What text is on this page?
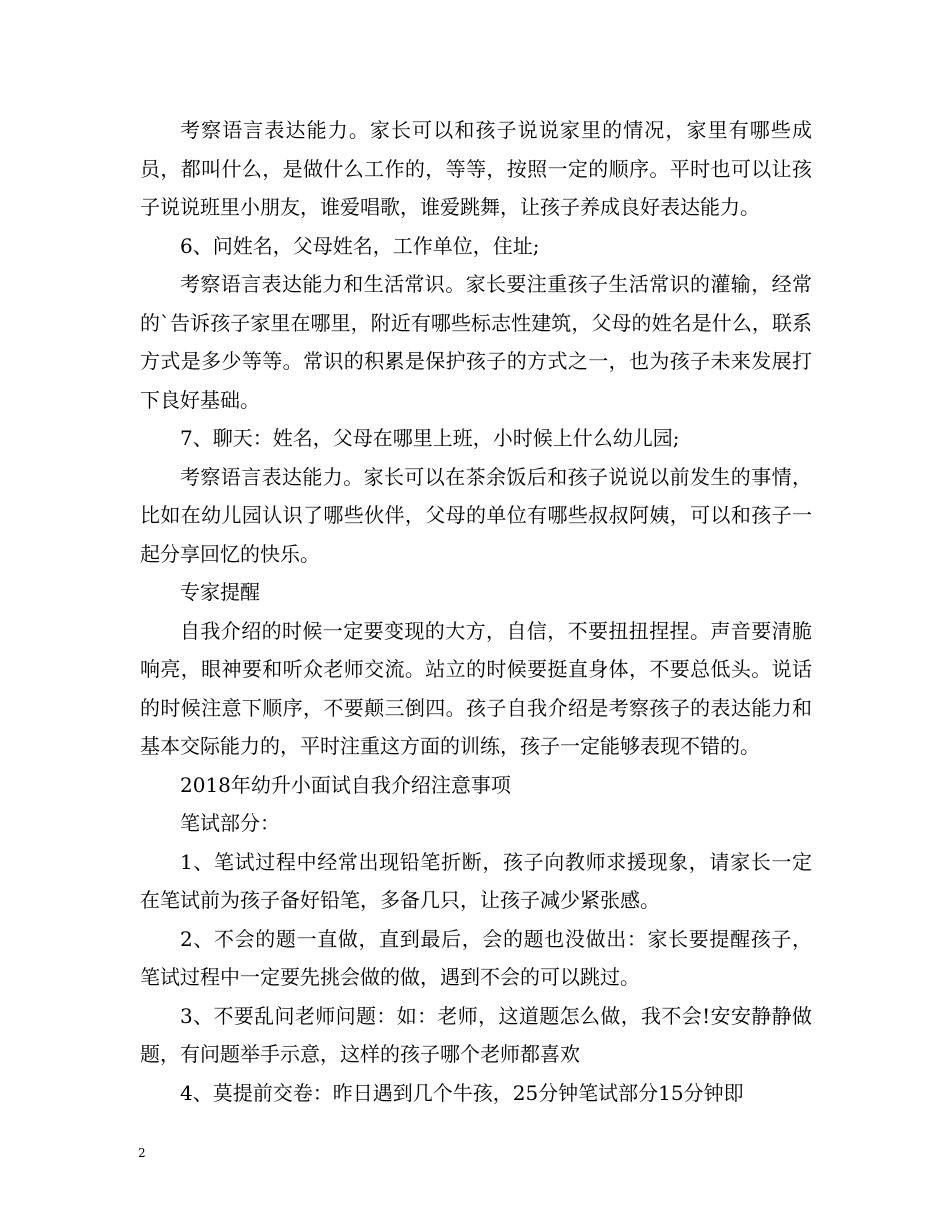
考察语言表达能力。家长可以和孩子说说家里的情况，家里有哪些成员，都叫什么，是做什么工作的，等等，按照一定的顺序。平时也可以让孩子说说班里小朋友，谁爱唱歌，谁爱跳舞，让孩子养成良好表达能力。

6、问姓名，父母姓名，工作单位，住址;

考察语言表达能力和生活常识。家长要注重孩子生活常识的灌输，经常的`告诉孩子家里在哪里，附近有哪些标志性建筑，父母的姓名是什么，联系方式是多少等等。常识的积累是保护孩子的方式之一，也为孩子未来发展打下良好基础。

7、聊天：姓名，父母在哪里上班，小时候上什么幼儿园;

考察语言表达能力。家长可以在茶余饭后和孩子说说以前发生的事情，比如在幼儿园认识了哪些伙伴，父母的单位有哪些叔叔阿姨，可以和孩子一起分享回忆的快乐。

专家提醒

自我介绍的时候一定要变现的大方，自信，不要扭扭捏捏。声音要清脆响亮，眼神要和听众老师交流。站立的时候要挺直身体，不要总低头。说话的时候注意下顺序，不要颠三倒四。孩子自我介绍是考察孩子的表达能力和基本交际能力的，平时注重这方面的训练，孩子一定能够表现不错的。

2018年幼升小面试自我介绍注意事项

笔试部分：

1、笔试过程中经常出现铅笔折断，孩子向教师求援现象，请家长一定在笔试前为孩子备好铅笔，多备几只，让孩子减少紧张感。

2、不会的题一直做，直到最后，会的题也没做出：家长要提醒孩子，笔试过程中一定要先挑会做的做，遇到不会的可以跳过。

3、不要乱问老师问题：如：老师，这道题怎么做，我不会!安安静静做题，有问题举手示意，这样的孩子哪个老师都喜欢

4、莫提前交卷：昨日遇到几个牛孩，25分钟笔试部分15分钟即

2
